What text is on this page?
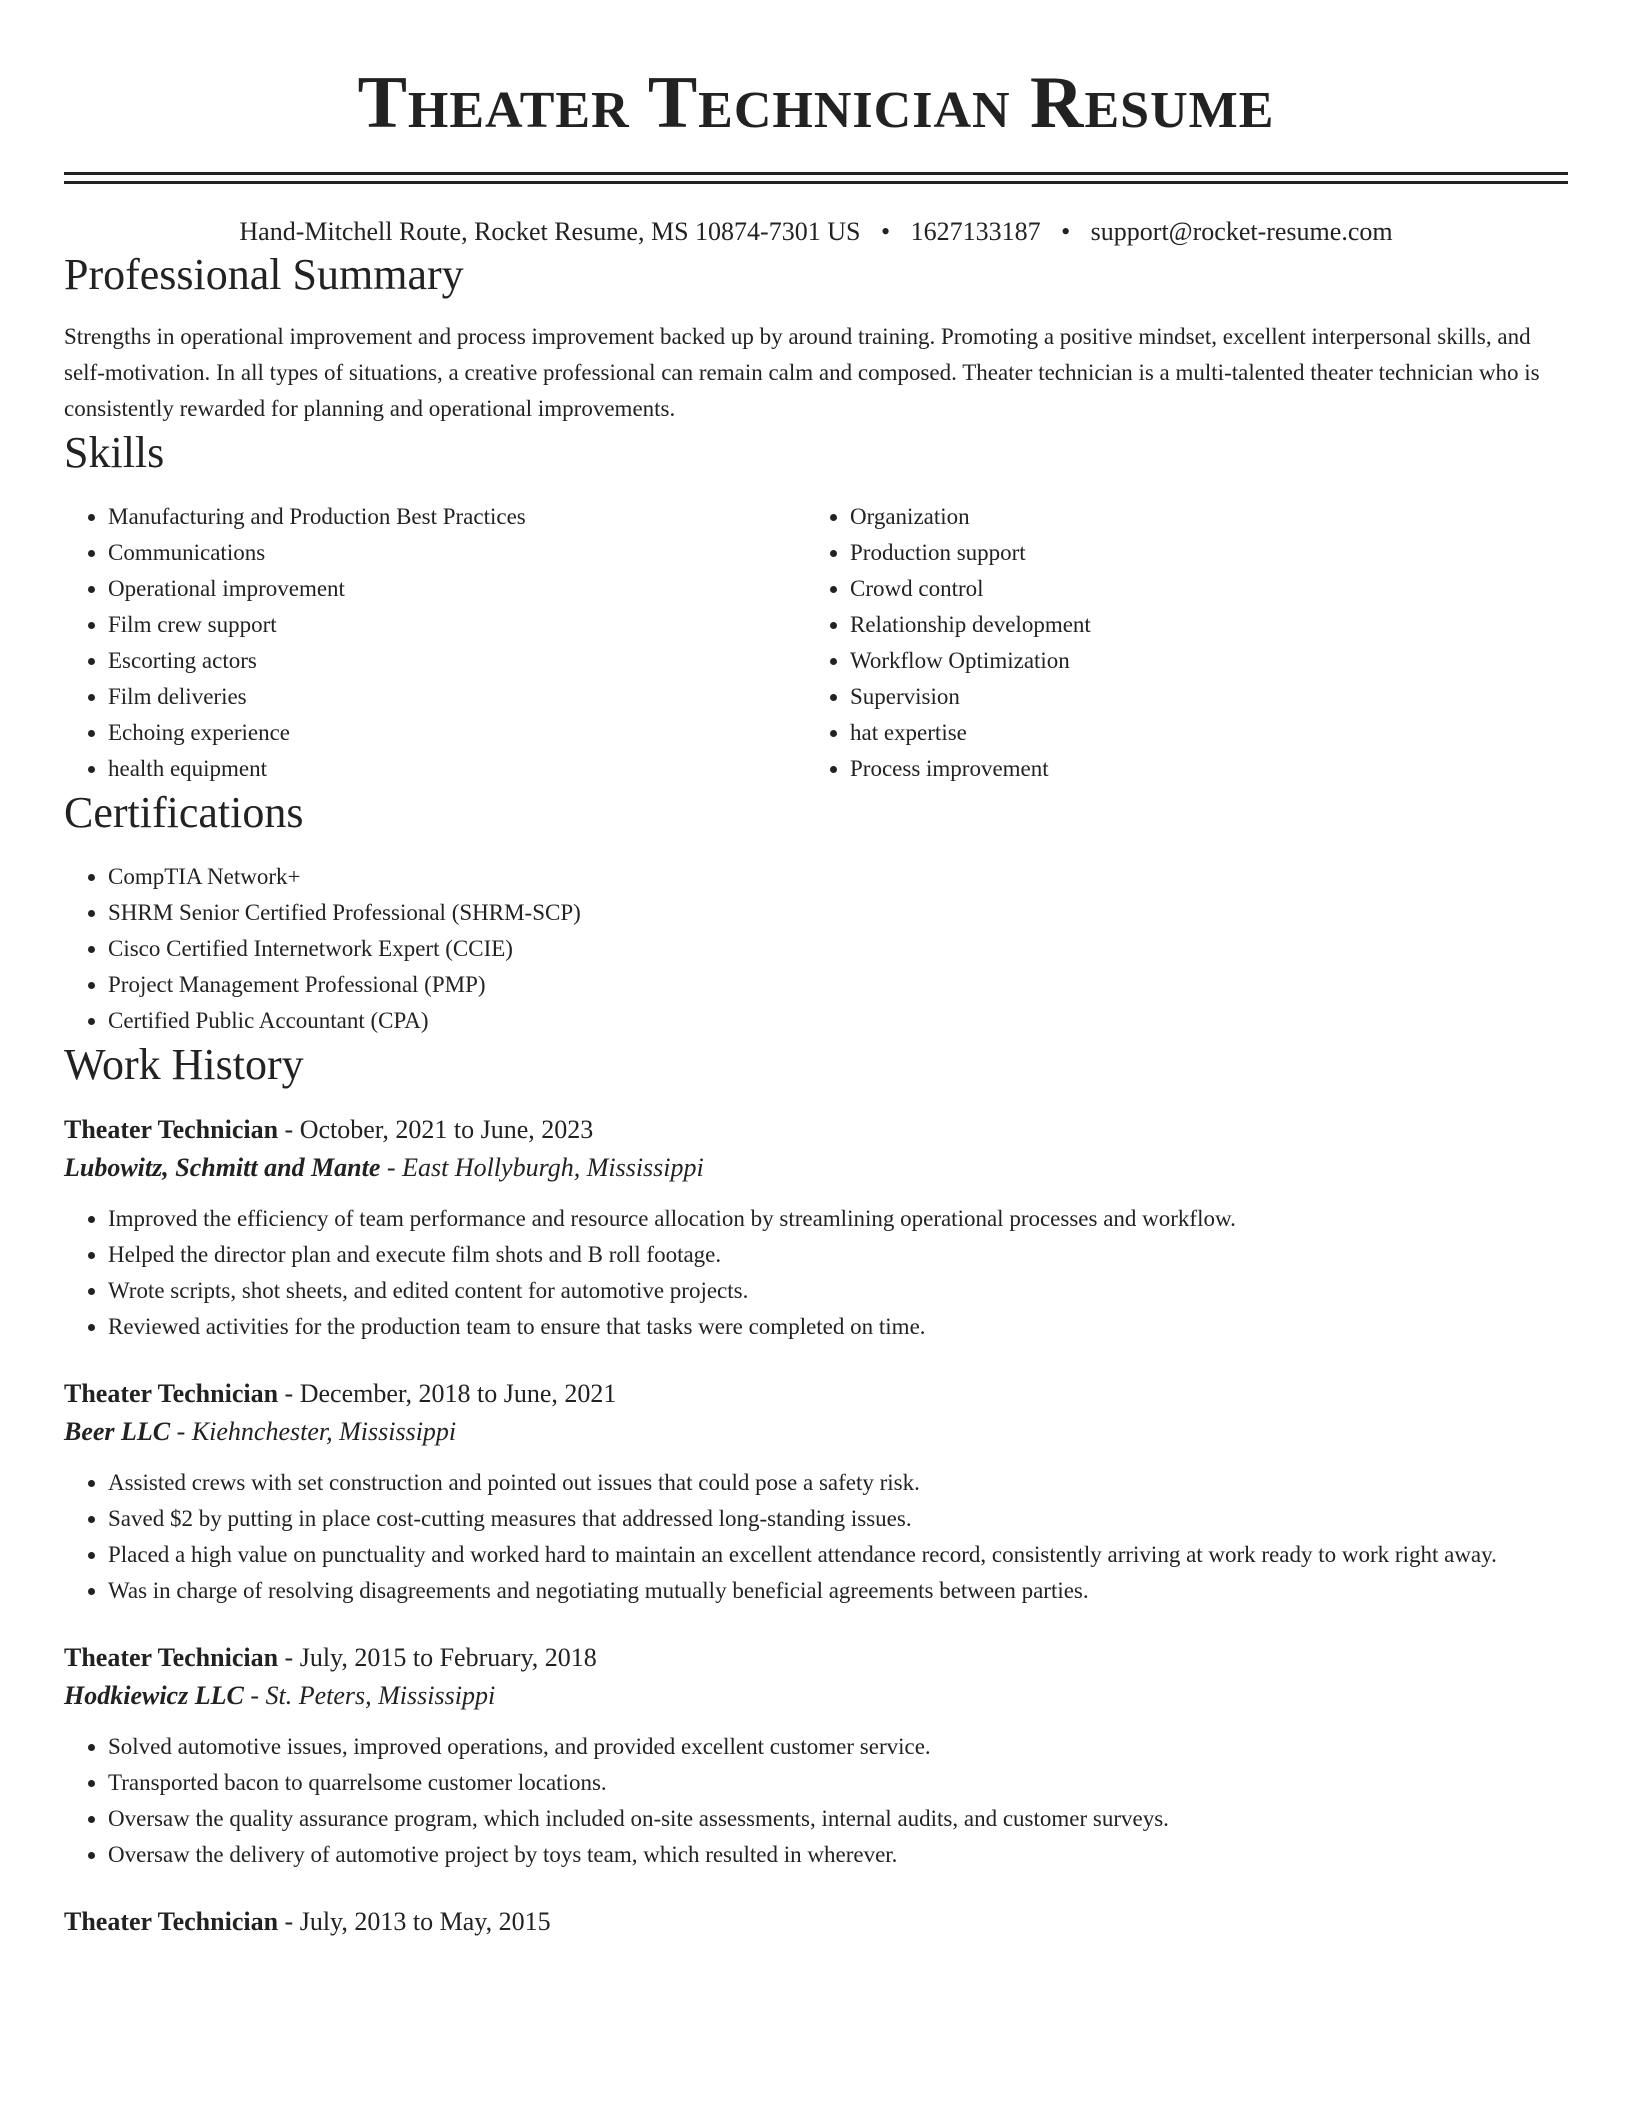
Theater Technician Resume
Hand-Mitchell Route, Rocket Resume, MS 10874-7301 US • 1627133187 • support@rocket-resume.com
Professional Summary

Strengths in operational improvement and process improvement backed up by around training. Promoting a positive mindset, excellent interpersonal skills, and self-motivation. In all types of situations, a creative professional can remain calm and composed. Theater technician is a multi-talented theater technician who is consistently rewarded for planning and operational improvements.

Skills
• Manufacturing and Production Best Practices
• Communications
• Operational improvement
• Film crew support
• Escorting actors
• Film deliveries
• Echoing experience
• health equipment
• Organization
• Production support
• Crowd control
• Relationship development
• Workflow Optimization
• Supervision
• hat expertise
• Process improvement
Certifications
• CompTIA Network+
• SHRM Senior Certified Professional (SHRM-SCP)
• Cisco Certified Internetwork Expert (CCIE)
• Project Management Professional (PMP)
• Certified Public Accountant (CPA)
Work History
Theater Technician - October, 2021 to June, 2023
Lubowitz, Schmitt and Mante - East Hollyburgh, Mississippi
• Improved the efficiency of team performance and resource allocation by streamlining operational processes and workflow.
• Helped the director plan and execute film shots and B roll footage.
• Wrote scripts, shot sheets, and edited content for automotive projects.
• Reviewed activities for the production team to ensure that tasks were completed on time.
Theater Technician - December, 2018 to June, 2021
Beer LLC - Kiehnchester, Mississippi
• Assisted crews with set construction and pointed out issues that could pose a safety risk.
• Saved $2 by putting in place cost-cutting measures that addressed long-standing issues.
• Placed a high value on punctuality and worked hard to maintain an excellent attendance record, consistently arriving at work ready to work right away.
• Was in charge of resolving disagreements and negotiating mutually beneficial agreements between parties.
Theater Technician - July, 2015 to February, 2018
Hodkiewicz LLC - St. Peters, Mississippi
• Solved automotive issues, improved operations, and provided excellent customer service.
• Transported bacon to quarrelsome customer locations.
• Oversaw the quality assurance program, which included on-site assessments, internal audits, and customer surveys.
• Oversaw the delivery of automotive project by toys team, which resulted in wherever.
Theater Technician - July, 2013 to May, 2015
